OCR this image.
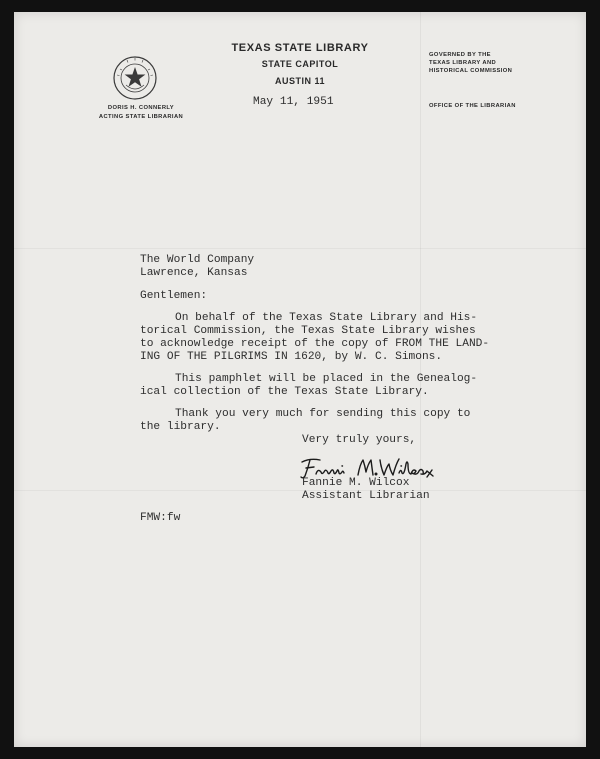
TEXAS STATE LIBRARY
STATE CAPITOL
AUSTIN 11
DORIS H. CONNERLY
ACTING STATE LIBRARIAN
GOVERNED BY THE
TEXAS LIBRARY AND
HISTORICAL COMMISSION
OFFICE OF THE LIBRARIAN
May 11, 1951
The World Company
Lawrence, Kansas
Gentlemen:
On behalf of the Texas State Library and His-
torical Commission, the Texas State Library wishes
to acknowledge receipt of the copy of FROM THE LAND-
ING OF THE PILGRIMS IN 1620, by W. C. Simons.
This pamphlet will be placed in the Genealog-
ical collection of the Texas State Library.
Thank you very much for sending this copy to
the library.
Very truly yours,
Fannie M. Wilcox
Assistant Librarian
FMW:fw
